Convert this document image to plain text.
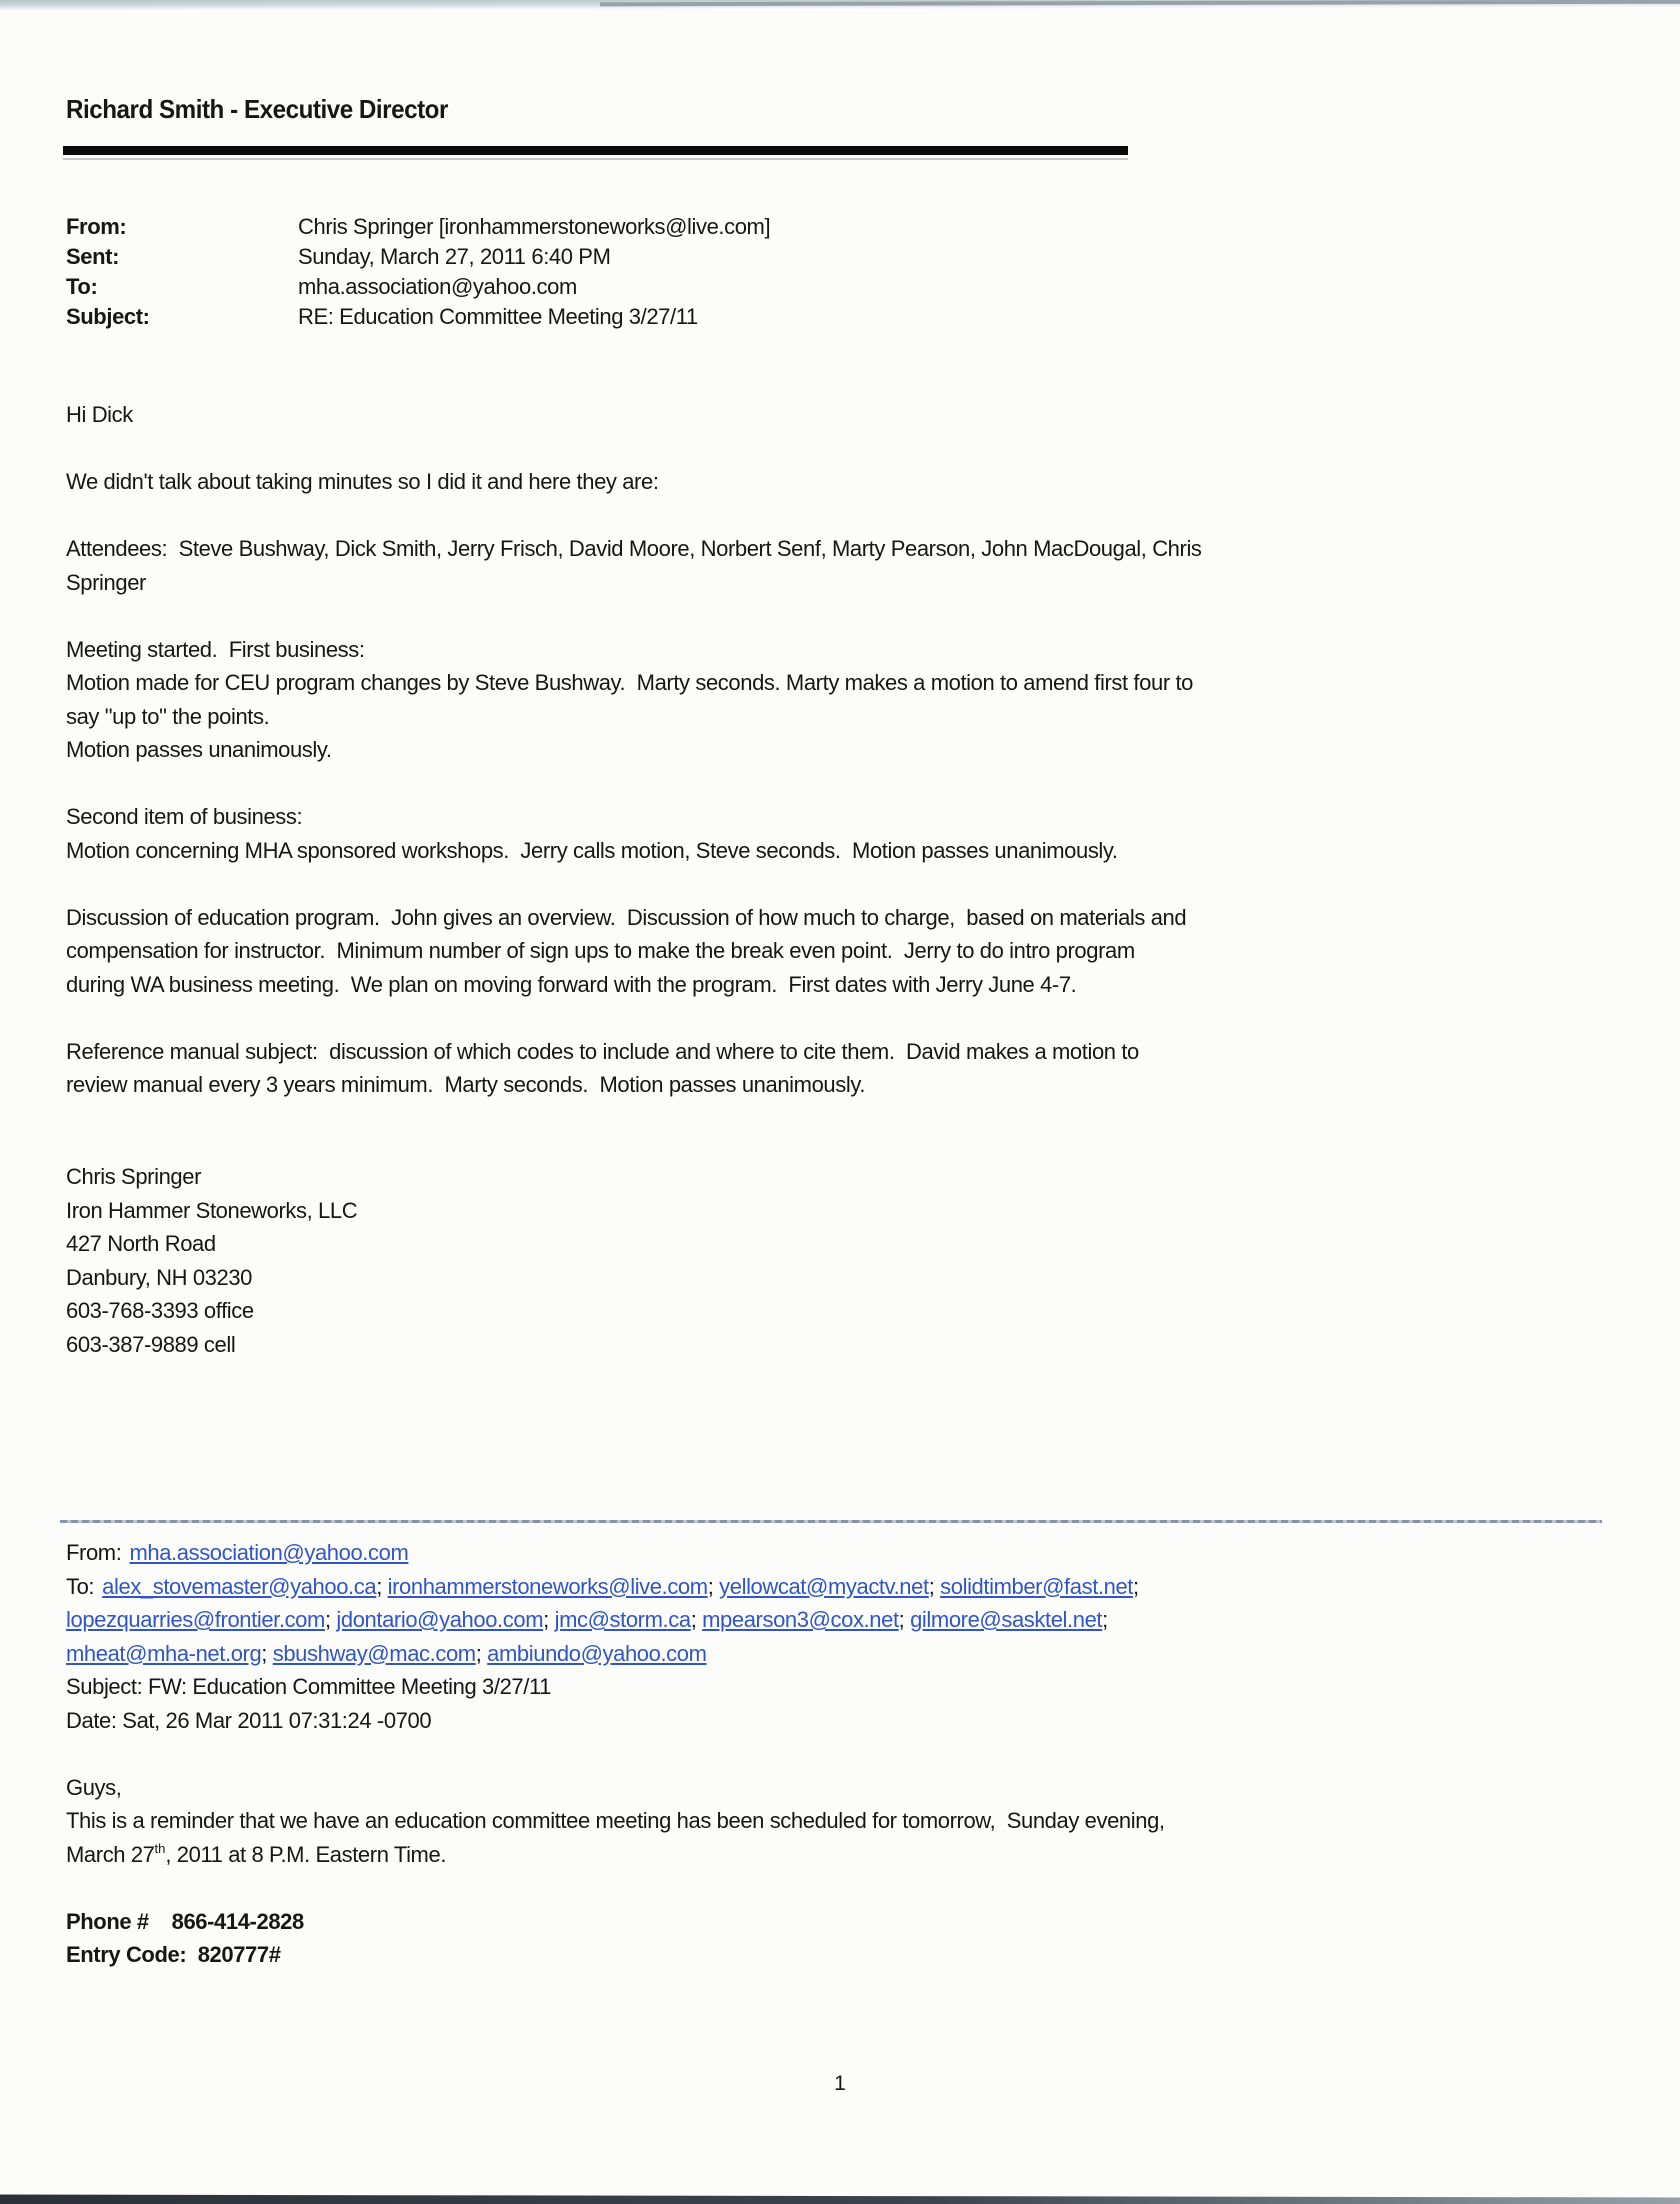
Richard Smith - Executive Director
From:	Chris Springer [ironhammerstoneworks@live.com]
Sent:	Sunday, March 27, 2011 6:40 PM
To:	mha.association@yahoo.com
Subject:	RE: Education Committee Meeting 3/27/11
Hi Dick
We didn't talk about taking minutes so I did it and here they are:
Attendees:  Steve Bushway, Dick Smith, Jerry Frisch, David Moore, Norbert Senf, Marty Pearson, John MacDougal, Chris
Springer
Meeting started.  First business:
Motion made for CEU program changes by Steve Bushway.  Marty seconds. Marty makes a motion to amend first four to
say "up to" the points.
Motion passes unanimously.
Second item of business:
Motion concerning MHA sponsored workshops.  Jerry calls motion, Steve seconds.  Motion passes unanimously.
Discussion of education program.  John gives an overview.  Discussion of how much to charge,  based on materials and
compensation for instructor.  Minimum number of sign ups to make the break even point.  Jerry to do intro program
during WA business meeting.  We plan on moving forward with the program.  First dates with Jerry June 4-7.
Reference manual subject:  discussion of which codes to include and where to cite them.  David makes a motion to
review manual every 3 years minimum.  Marty seconds.  Motion passes unanimously.
Chris Springer
Iron Hammer Stoneworks, LLC
427 North Road
Danbury, NH 03230
603-768-3393 office
603-387-9889 cell
From: mha.association@yahoo.com
To: alex_stovemaster@yahoo.ca; ironhammerstoneworks@live.com; yellowcat@myactv.net; solidtimber@fast.net;
lopezquarries@frontier.com; jdontario@yahoo.com; jmc@storm.ca; mpearson3@cox.net; gilmore@sasktel.net;
mheat@mha-net.org; sbushway@mac.com; ambiundo@yahoo.com
Subject: FW: Education Committee Meeting 3/27/11
Date: Sat, 26 Mar 2011 07:31:24 -0700
Guys,
This is a reminder that we have an education committee meeting has been scheduled for tomorrow,  Sunday evening,
March 27th, 2011 at 8 P.M. Eastern Time.
Phone #    866-414-2828
Entry Code:  820777#
1
